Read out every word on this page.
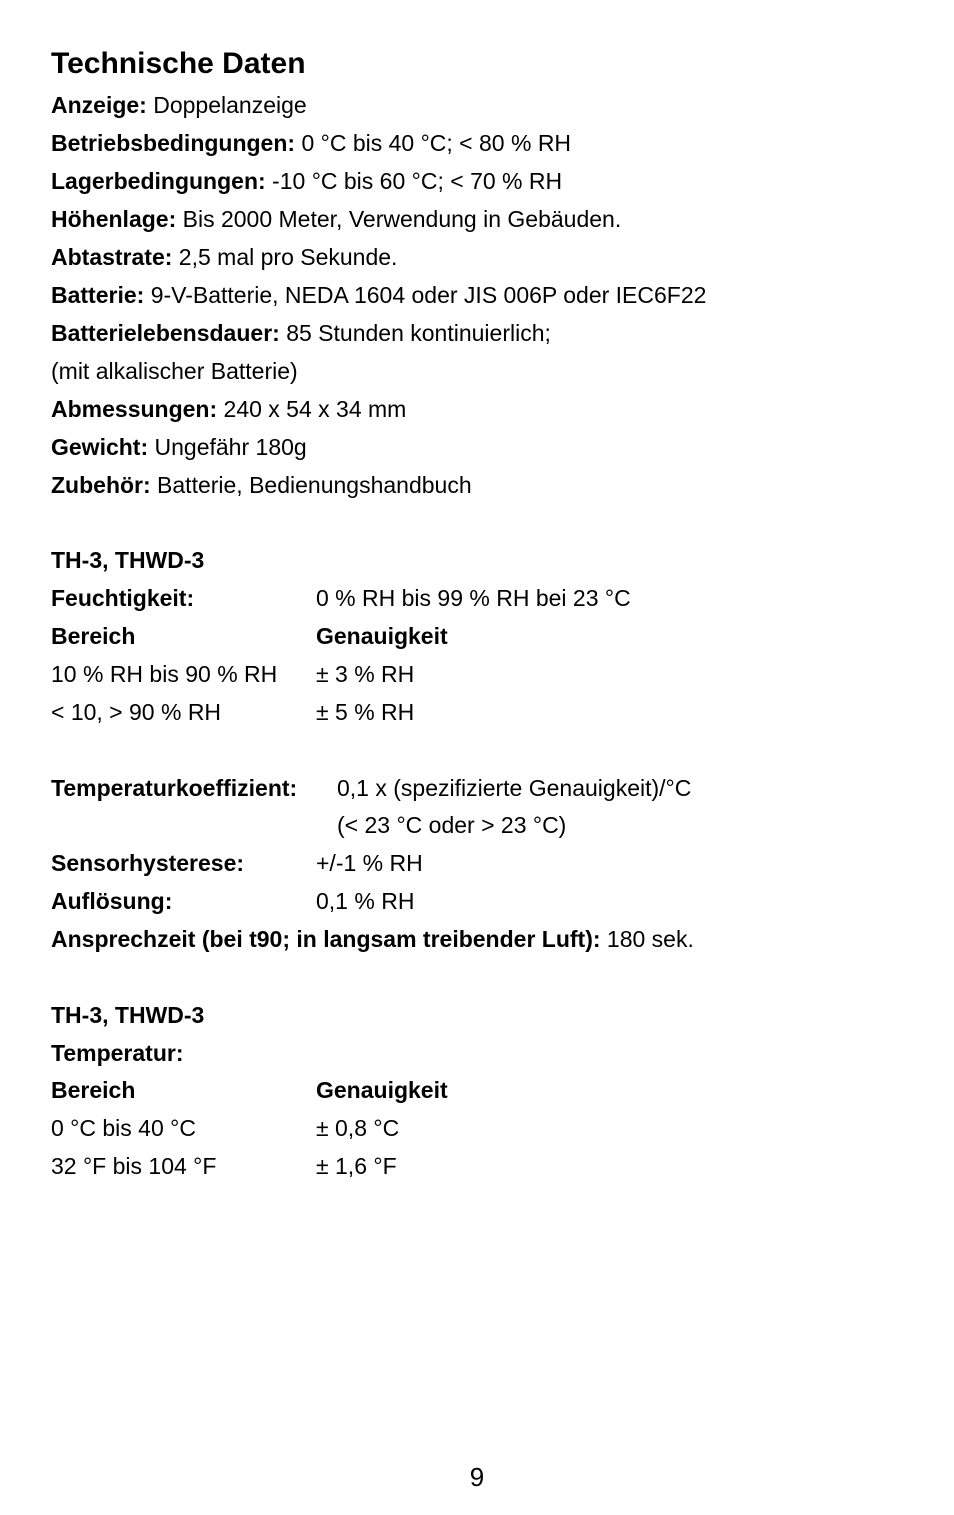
Technische Daten
Anzeige: Doppelanzeige
Betriebsbedingungen: 0 °C bis 40 °C; < 80 % RH
Lagerbedingungen: -10 °C bis 60 °C; < 70 % RH
Höhenlage: Bis 2000 Meter, Verwendung in Gebäuden.
Abtastrate: 2,5 mal pro Sekunde.
Batterie: 9-V-Batterie, NEDA 1604 oder JIS 006P oder IEC6F22
Batterielebensdauer: 85 Stunden kontinuierlich;
(mit alkalischer Batterie)
Abmessungen: 240 x 54 x 34 mm
Gewicht: Ungefähr 180g
Zubehör: Batterie, Bedienungshandbuch
TH-3, THWD-3
Feuchtigkeit:	0 % RH bis 99 % RH bei 23 °C
Bereich	Genauigkeit
10 % RH bis 90 % RH ± 3 % RH
< 10, > 90 % RH	± 5 % RH
Temperaturkoeffizient: 0,1 x (spezifizierte Genauigkeit)/°C
(< 23 °C oder > 23 °C)
Sensorhysterese:	+/-1 % RH
Auflösung:	0,1 % RH
Ansprechzeit (bei t90; in langsam treibender Luft): 180 sek.
TH-3, THWD-3
Temperatur:
Bereich	Genauigkeit
0 °C bis 40 °C	± 0,8 °C
32 °F bis 104 °F	± 1,6 °F
9
